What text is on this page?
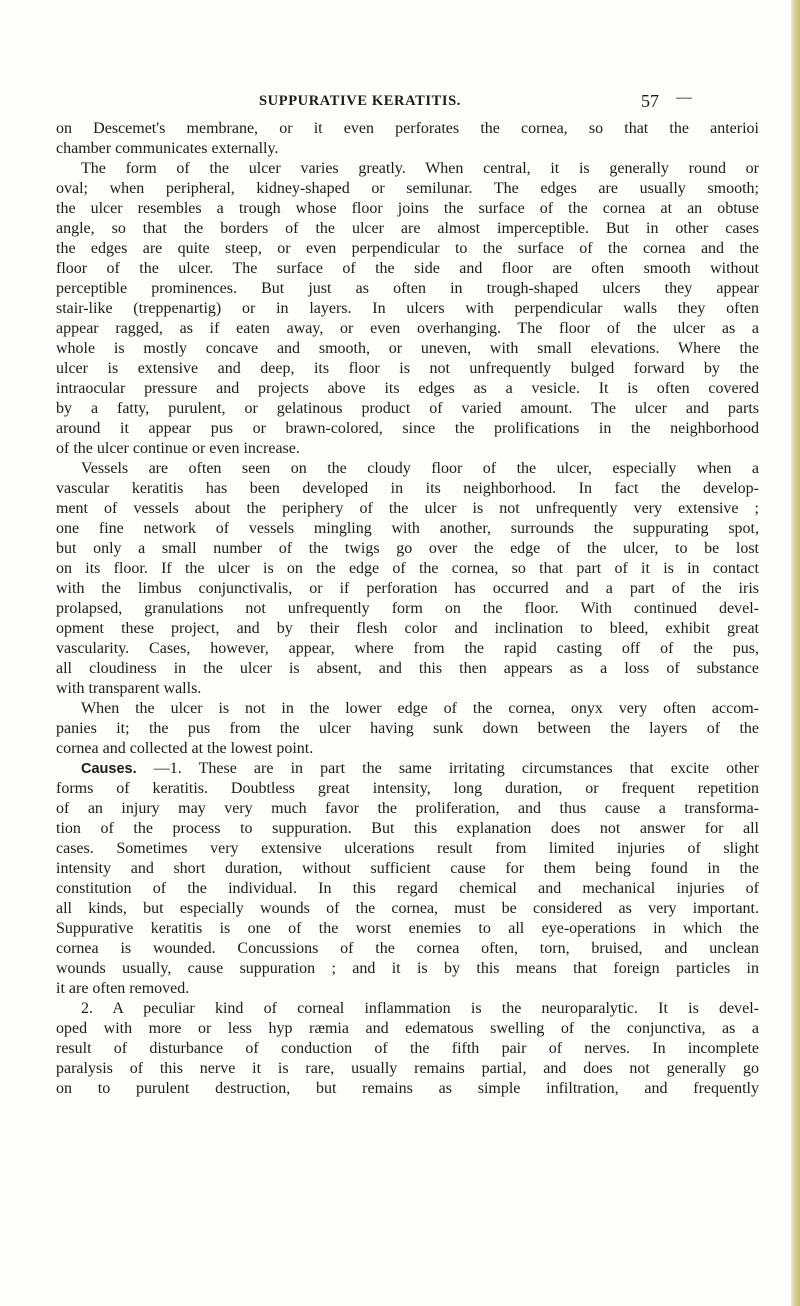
SUPPURATIVE KERATITIS.	57 —
on Descemet's membrane, or it even perforates the cornea, so that the anterioi
chamber communicates externally.
The form of the ulcer varies greatly. When central, it is generally round or
oval; when peripheral, kidney-shaped or semilunar. The edges are usually smooth;
the ulcer resembles a trough whose floor joins the surface of the cornea at an obtuse
angle, so that the borders of the ulcer are almost imperceptible. But in other cases
the edges are quite steep, or even perpendicular to the surface of the cornea and the
floor of the ulcer. The surface of the side and floor are often smooth without
perceptible prominences. But just as often in trough-shaped ulcers they appear
stair-like (treppenartig) or in layers. In ulcers with perpendicular walls they often
appear ragged, as if eaten away, or even overhanging. The floor of the ulcer as a
whole is mostly concave and smooth, or uneven, with small elevations. Where the
ulcer is extensive and deep, its floor is not unfrequently bulged forward by the
intraocular pressure and projects above its edges as a vesicle. It is often covered
by a fatty, purulent, or gelatinous product of varied amount. The ulcer and parts
around it appear pus or brawn-colored, since the prolifications in the neighborhood
of the ulcer continue or even increase.
Vessels are often seen on the cloudy floor of the ulcer, especially when a
vascular keratitis has been developed in its neighborhood. In fact the develop-
ment of vessels about the periphery of the ulcer is not unfrequently very extensive ;
one fine network of vessels mingling with another, surrounds the suppurating spot,
but only a small number of the twigs go over the edge of the ulcer, to be lost
on its floor. If the ulcer is on the edge of the cornea, so that part of it is in contact
with the limbus conjunctivalis, or if perforation has occurred and a part of the iris
prolapsed, granulations not unfrequently form on the floor. With continued devel-
opment these project, and by their flesh color and inclination to bleed, exhibit great
vascularity. Cases, however, appear, where from the rapid casting off of the pus,
all cloudiness in the ulcer is absent, and this then appears as a loss of substance
with transparent walls.
When the ulcer is not in the lower edge of the cornea, onyx very often accom-
panies it; the pus from the ulcer having sunk down between the layers of the
cornea and collected at the lowest point.
Causes. —1. These are in part the same irritating circumstances that excite other
forms of keratitis. Doubtless great intensity, long duration, or frequent repetition
of an injury may very much favor the proliferation, and thus cause a transforma-
tion of the process to suppuration. But this explanation does not answer for all
cases. Sometimes very extensive ulcerations result from limited injuries of slight
intensity and short duration, without sufficient cause for them being found in the
constitution of the individual. In this regard chemical and mechanical injuries of
all kinds, but especially wounds of the cornea, must be considered as very important.
Suppurative keratitis is one of the worst enemies to all eye-operations in which the
cornea is wounded. Concussions of the cornea often, torn, bruised, and unclean
wounds usually, cause suppuration ; and it is by this means that foreign particles in
it are often removed.
2. A peculiar kind of corneal inflammation is the neuroparalytic. It is devel-
oped with more or less hyp ræmia and edematous swelling of the conjunctiva, as a
result of disturbance of conduction of the fifth pair of nerves. In incomplete
paralysis of this nerve it is rare, usually remains partial, and does not generally go
on to purulent destruction, but remains as simple infiltration, and frequently
